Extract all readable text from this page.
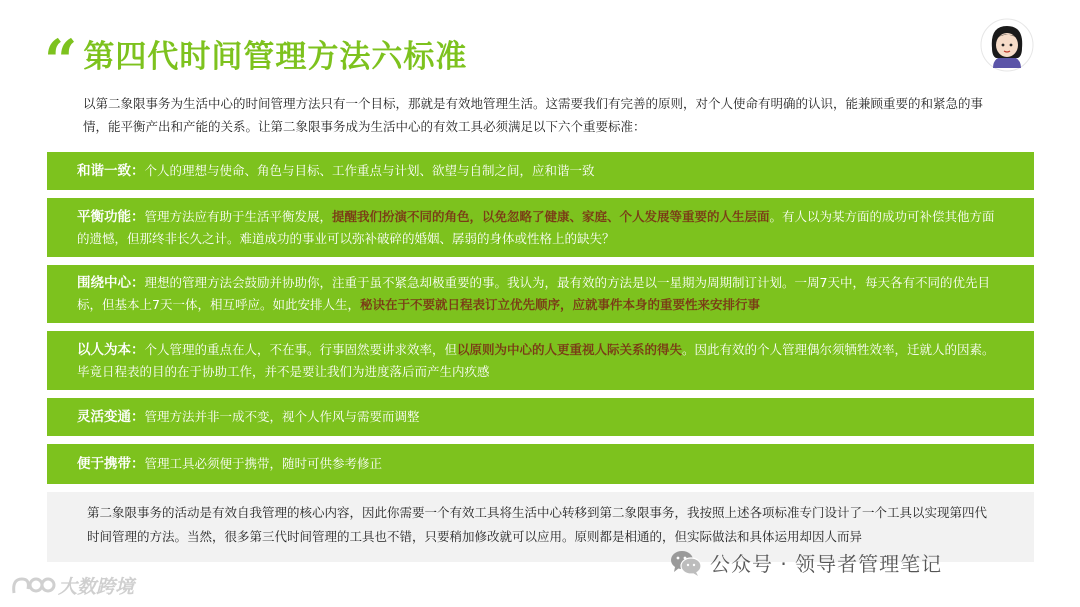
“ 第四代时间管理方法六标准
以第二象限事务为生活中心的时间管理方法只有一个目标，那就是有效地管理生活。这需要我们有完善的原则，对个人使命有明确的认识，能兼顾重要的和紧急的事情，能平衡产出和产能的关系。让第二象限事务成为生活中心的有效工具必须满足以下六个重要标准：
和谐一致：个人的理想与使命、角色与目标、工作重点与计划、欲望与自制之间，应和谐一致
平衡功能：管理方法应有助于生活平衡发展，提醒我们扮演不同的角色，以免忽略了健康、家庭、个人发展等重要的人生层面。有人以为某方面的成功可补偿其他方面的遗憾，但那终非长久之计。难道成功的事业可以弥补破碎的婚姻、孱弱的身体或性格上的缺失？
围绕中心：理想的管理方法会鼓励并协助你，注重于虽不紧急却极重要的事。我认为，最有效的方法是以一星期为周期制订计划。一周7天中，每天各有不同的优先目标，但基本上7天一体，相互呼应。如此安排人生，秘诀在于不要就日程表订立优先顺序，应就事件本身的重要性来安排行事
以人为本：个人管理的重点在人，不在事。行事固然要讲求效率，但以原则为中心的人更重视人际关系的得失。因此有效的个人管理偶尔须牺牲效率，迁就人的因素。毕竟日程表的目的在于协助工作，并不是要让我们为进度落后而产生内疚感
灵活变通：管理方法并非一成不变，视个人作风与需要而调整
便于携带：管理工具必须便于携带，随时可供参考修正
第二象限事务的活动是有效自我管理的核心内容，因此你需要一个有效工具将生活中心转移到第二象限事务，我按照上述各项标准专门设计了一个工具以实现第四代时间管理的方法。当然，很多第三代时间管理的工具也不错，只要稍加修改就可以应用。原则都是相通的，但实际做法和具体运用却因人而异
公众号 · 领导者管理笔记
大数跨境
